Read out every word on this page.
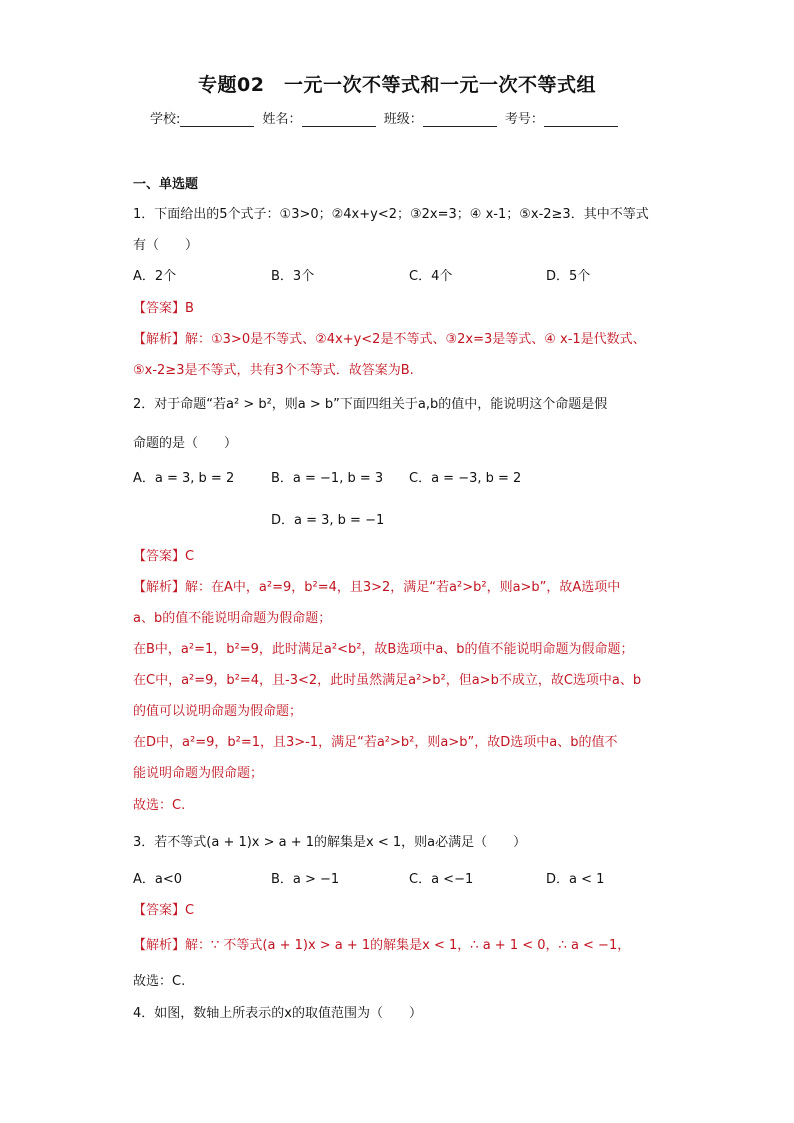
专题02　一元一次不等式和一元一次不等式组
学校:	姓名：	班级：	考号：
一、单选题
1．下面给出的5个式子：①3>0；②4x+y<2；③2x=3；④ x-1；⑤x-2≥3．其中不等式
有（　　）
A．2个	B．3个	C．4个	D．5个
【答案】B
【解析】解：①3>0是不等式、②4x+y<2是不等式、③2x=3是等式、④ x-1是代数式、
⑤x-2≥3是不等式，共有3个不等式．故答案为B.
2．对于命题“若a² > b²，则a > b”下面四组关于a,b的值中，能说明这个命题是假
命题的是（　　）
A．a = 3, b = 2	B．a = −1, b = 3 C．a = −3, b = 2
D．a = 3, b = −1
【答案】C
【解析】解：在A中，a²=9，b²=4，且3>2，满足“若a²>b²，则a>b”，故A选项中
a、b的值不能说明命题为假命题；
在B中，a²=1，b²=9，此时满足a²<b²，故B选项中a、b的值不能说明命题为假命题；
在C中，a²=9，b²=4，且-3<2，此时虽然满足a²>b²，但a>b不成立，故C选项中a、b
的值可以说明命题为假命题；
在D中，a²=9，b²=1，且3>-1，满足“若a²>b²，则a>b”，故D选项中a、b的值不
能说明命题为假命题；
故选：C.
3．若不等式(a + 1)x > a + 1的解集是x < 1，则a必满足（　　）
A．a<0	B．a > −1	C．a <−1	D．a < 1
【答案】C
【解析】解：∵ 不等式(a + 1)x > a + 1的解集是x < 1，∴ a + 1 < 0，∴ a < −1，
故选：C.
4．如图，数轴上所表示的x的取值范围为（　　）
